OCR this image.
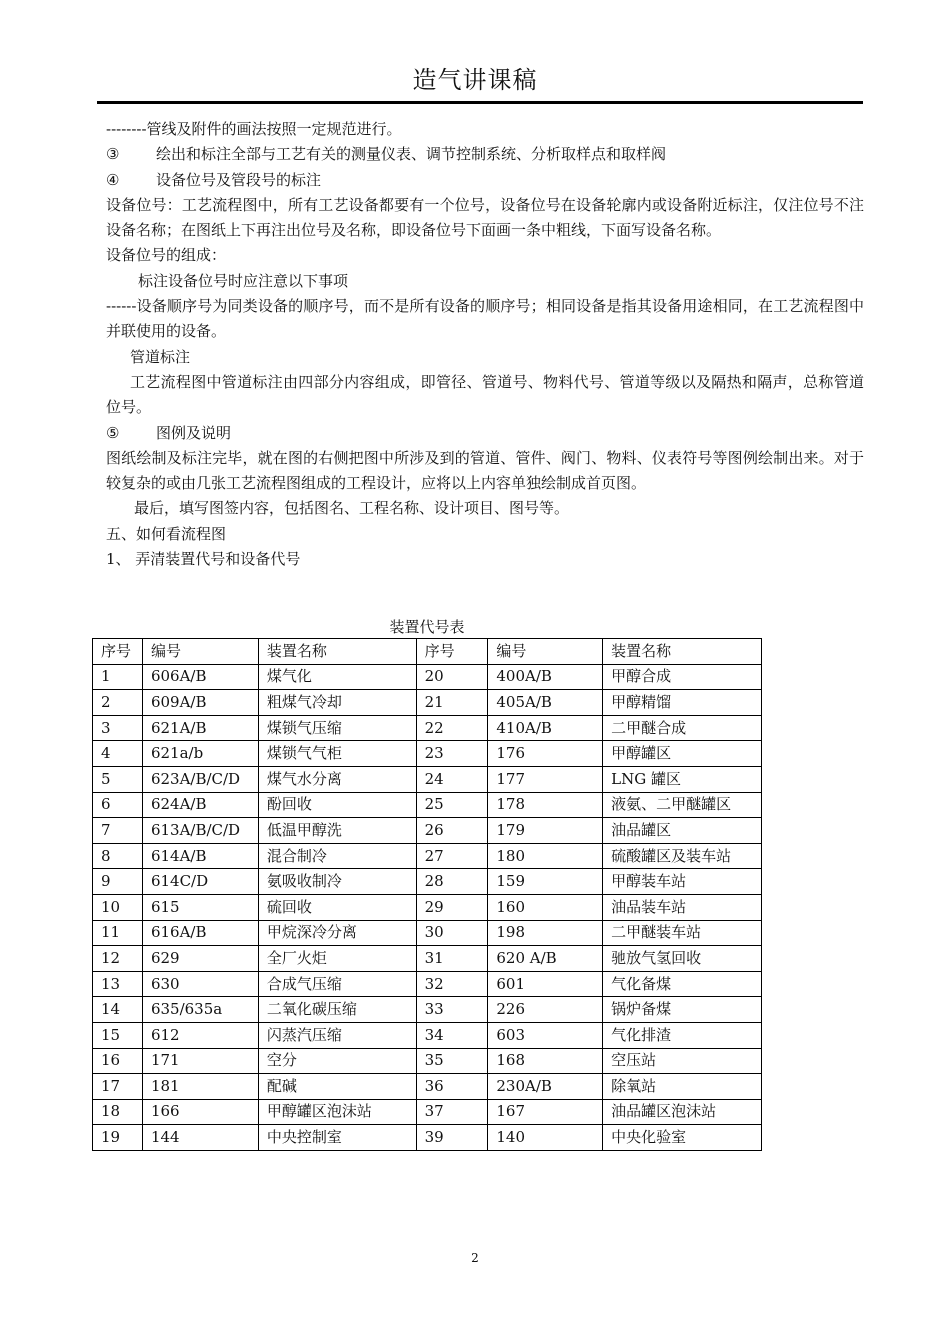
造气讲课稿
--------管线及附件的画法按照一定规范进行。
③ 绘出和标注全部与工艺有关的测量仪表、调节控制系统、分析取样点和取样阀
④ 设备位号及管段号的标注
设备位号：工艺流程图中，所有工艺设备都要有一个位号，设备位号在设备轮廓内或设备附近标注，仅注位号不注设备名称；在图纸上下再注出位号及名称，即设备位号下面画一条中粗线，下面写设备名称。
设备位号的组成：
标注设备位号时应注意以下事项
------设备顺序号为同类设备的顺序号，而不是所有设备的顺序号；相同设备是指其设备用途相同，在工艺流程图中并联使用的设备。
管道标注
工艺流程图中管道标注由四部分内容组成，即管径、管道号、物料代号、管道等级以及隔热和隔声，总称管道位号。
⑤ 图例及说明
图纸绘制及标注完毕，就在图的右侧把图中所涉及到的管道、管件、阀门、物料、仪表符号等图例绘制出来。对于较复杂的或由几张工艺流程图组成的工程设计，应将以上内容单独绘制成首页图。
最后，填写图签内容，包括图名、工程名称、设计项目、图号等。
五、如何看流程图
1、 弄清装置代号和设备代号
装置代号表
序号	编号	装置名称	序号	编号	装置名称
1	606A/B	煤气化	20	400A/B	甲醇合成
2	609A/B	粗煤气冷却	21	405A/B	甲醇精馏
3	621A/B	煤锁气压缩	22	410A/B	二甲醚合成
4	621a/b	煤锁气气柜	23	176	甲醇罐区
5	623A/B/C/D	煤气水分离	24	177	LNG 罐区
6	624A/B	酚回收	25	178	液氨、二甲醚罐区
7	613A/B/C/D	低温甲醇洗	26	179	油品罐区
8	614A/B	混合制冷	27	180	硫酸罐区及装车站
9	614C/D	氨吸收制冷	28	159	甲醇装车站
10	615	硫回收	29	160	油品装车站
11	616A/B	甲烷深冷分离	30	198	二甲醚装车站
12	629	全厂火炬	31	620 A/B	驰放气氢回收
13	630	合成气压缩	32	601	气化备煤
14	635/635a	二氧化碳压缩	33	226	锅炉备煤
15	612	闪蒸汽压缩	34	603	气化排渣
16	171	空分	35	168	空压站
17	181	配碱	36	230A/B	除氧站
18	166	甲醇罐区泡沫站	37	167	油品罐区泡沫站
19	144	中央控制室	39	140	中央化验室
2
